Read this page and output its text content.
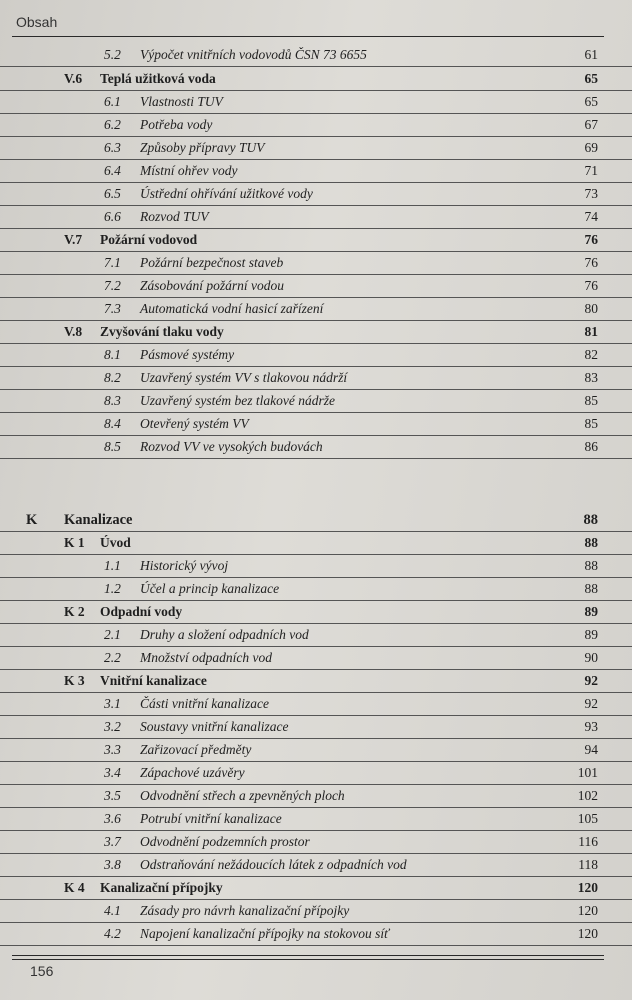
Obsah
5.2 Výpočet vnitřních vodovodů ČSN 73 6655	61
V.6 Teplá užitková voda	65
6.1 Vlastnosti TUV	65
6.2 Potřeba vody	67
6.3 Způsoby přípravy TUV	69
6.4 Místní ohřev vody	71
6.5 Ústřední ohřívání užitkové vody	73
6.6 Rozvod TUV	74
V.7 Požární vodovod	76
7.1 Požární bezpečnost staveb	76
7.2 Zásobování požární vodou	76
7.3 Automatická vodní hasicí zařízení	80
V.8 Zvyšování tlaku vody	81
8.1 Pásmové systémy	82
8.2 Uzavřený systém VV s tlakovou nádrží	83
8.3 Uzavřený systém bez tlakové nádrže	85
8.4 Otevřený systém VV	85
8.5 Rozvod VV ve vysokých budovách	86
K Kanalizace	88
K 1 Úvod	88
1.1 Historický vývoj	88
1.2 Účel a princip kanalizace	88
K 2 Odpadní vody	89
2.1 Druhy a složení odpadních vod	89
2.2 Množství odpadních vod	90
K 3 Vnitřní kanalizace	92
3.1 Části vnitřní kanalizace	92
3.2 Soustavy vnitřní kanalizace	93
3.3 Zařizovací předměty	94
3.4 Zápachové uzávěry	101
3.5 Odvodnění střech a zpevněných ploch	102
3.6 Potrubí vnitřní kanalizace	105
3.7 Odvodnění podzemních prostor	116
3.8 Odstraňování nežádoucích látek z odpadních vod	118
K 4 Kanalizační přípojky	120
4.1 Zásady pro návrh kanalizační přípojky	120
4.2 Napojení kanalizační přípojky na stokovou síť	120
156
